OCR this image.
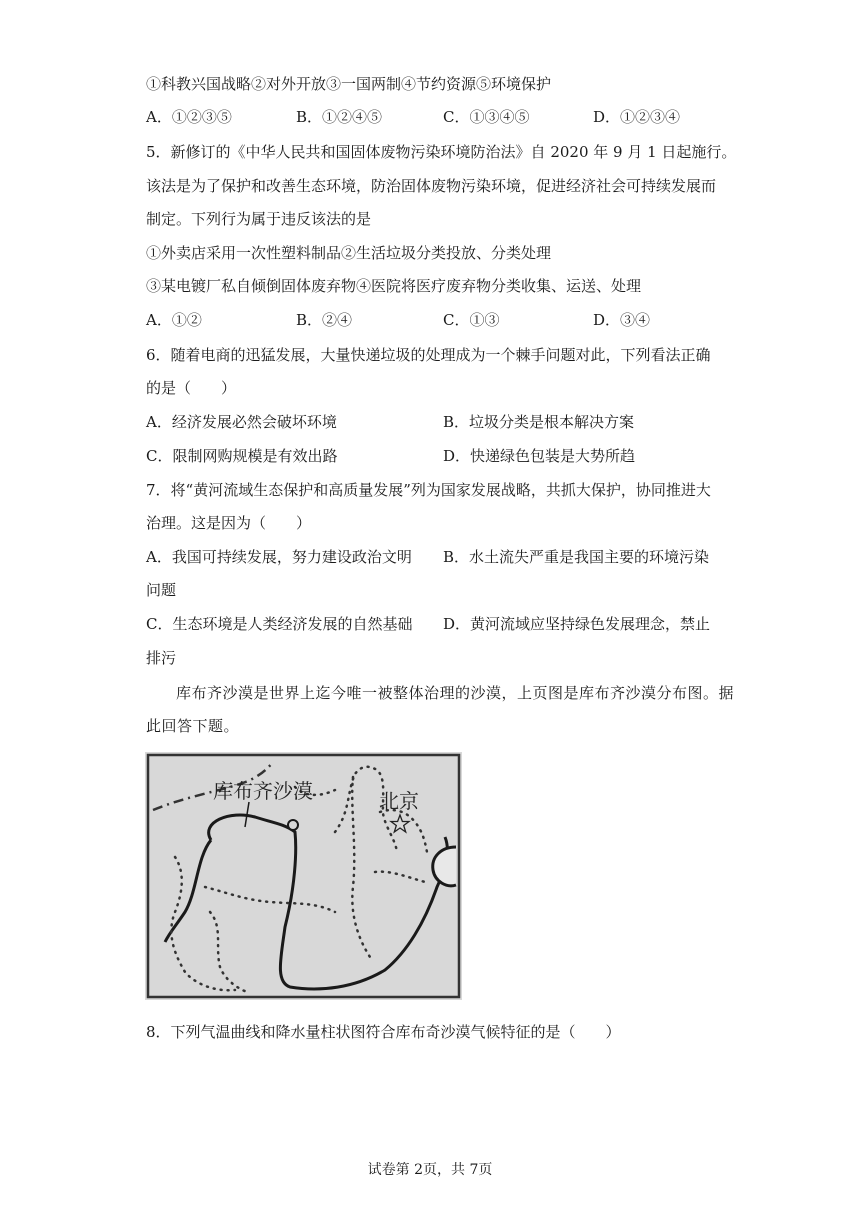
①科教兴国战略②对外开放③一国两制④节约资源⑤环境保护
A．①②③⑤	B．①②④⑤	C．①③④⑤	D．①②③④
5．新修订的《中华人民共和国固体废物污染环境防治法》自 2020 年 9 月 1 日起施行。
该法是为了保护和改善生态环境，防治固体废物污染环境，促进经济社会可持续发展而
制定。下列行为属于违反该法的是
①外卖店采用一次性塑料制品②生活垃圾分类投放、分类处理
③某电镀厂私自倾倒固体废弃物④医院将医疗废弃物分类收集、运送、处理
A．①②	B．②④	C．①③	D．③④
6．随着电商的迅猛发展，大量快递垃圾的处理成为一个棘手问题对此，下列看法正确
的是（　　）
A．经济发展必然会破坏环境	B．垃圾分类是根本解决方案
C．限制网购规模是有效出路	D．快递绿色包装是大势所趋
7．将“黄河流域生态保护和高质量发展”列为国家发展战略，共抓大保护，协同推进大
治理。这是因为（　　）
A．我国可持续发展，努力建设政治文明 B．水土流失严重是我国主要的环境污染
问题
C．生态环境是人类经济发展的自然基础 D．黄河流域应坚持绿色发展理念，禁止
排污
库布齐沙漠是世界上迄今唯一被整体治理的沙漠，上页图是库布齐沙漠分布图。据
此回答下题。
库布齐沙漠	北京
8．下列气温曲线和降水量柱状图符合库布奇沙漠气候特征的是（　　）
试卷第 2页，共 7页
